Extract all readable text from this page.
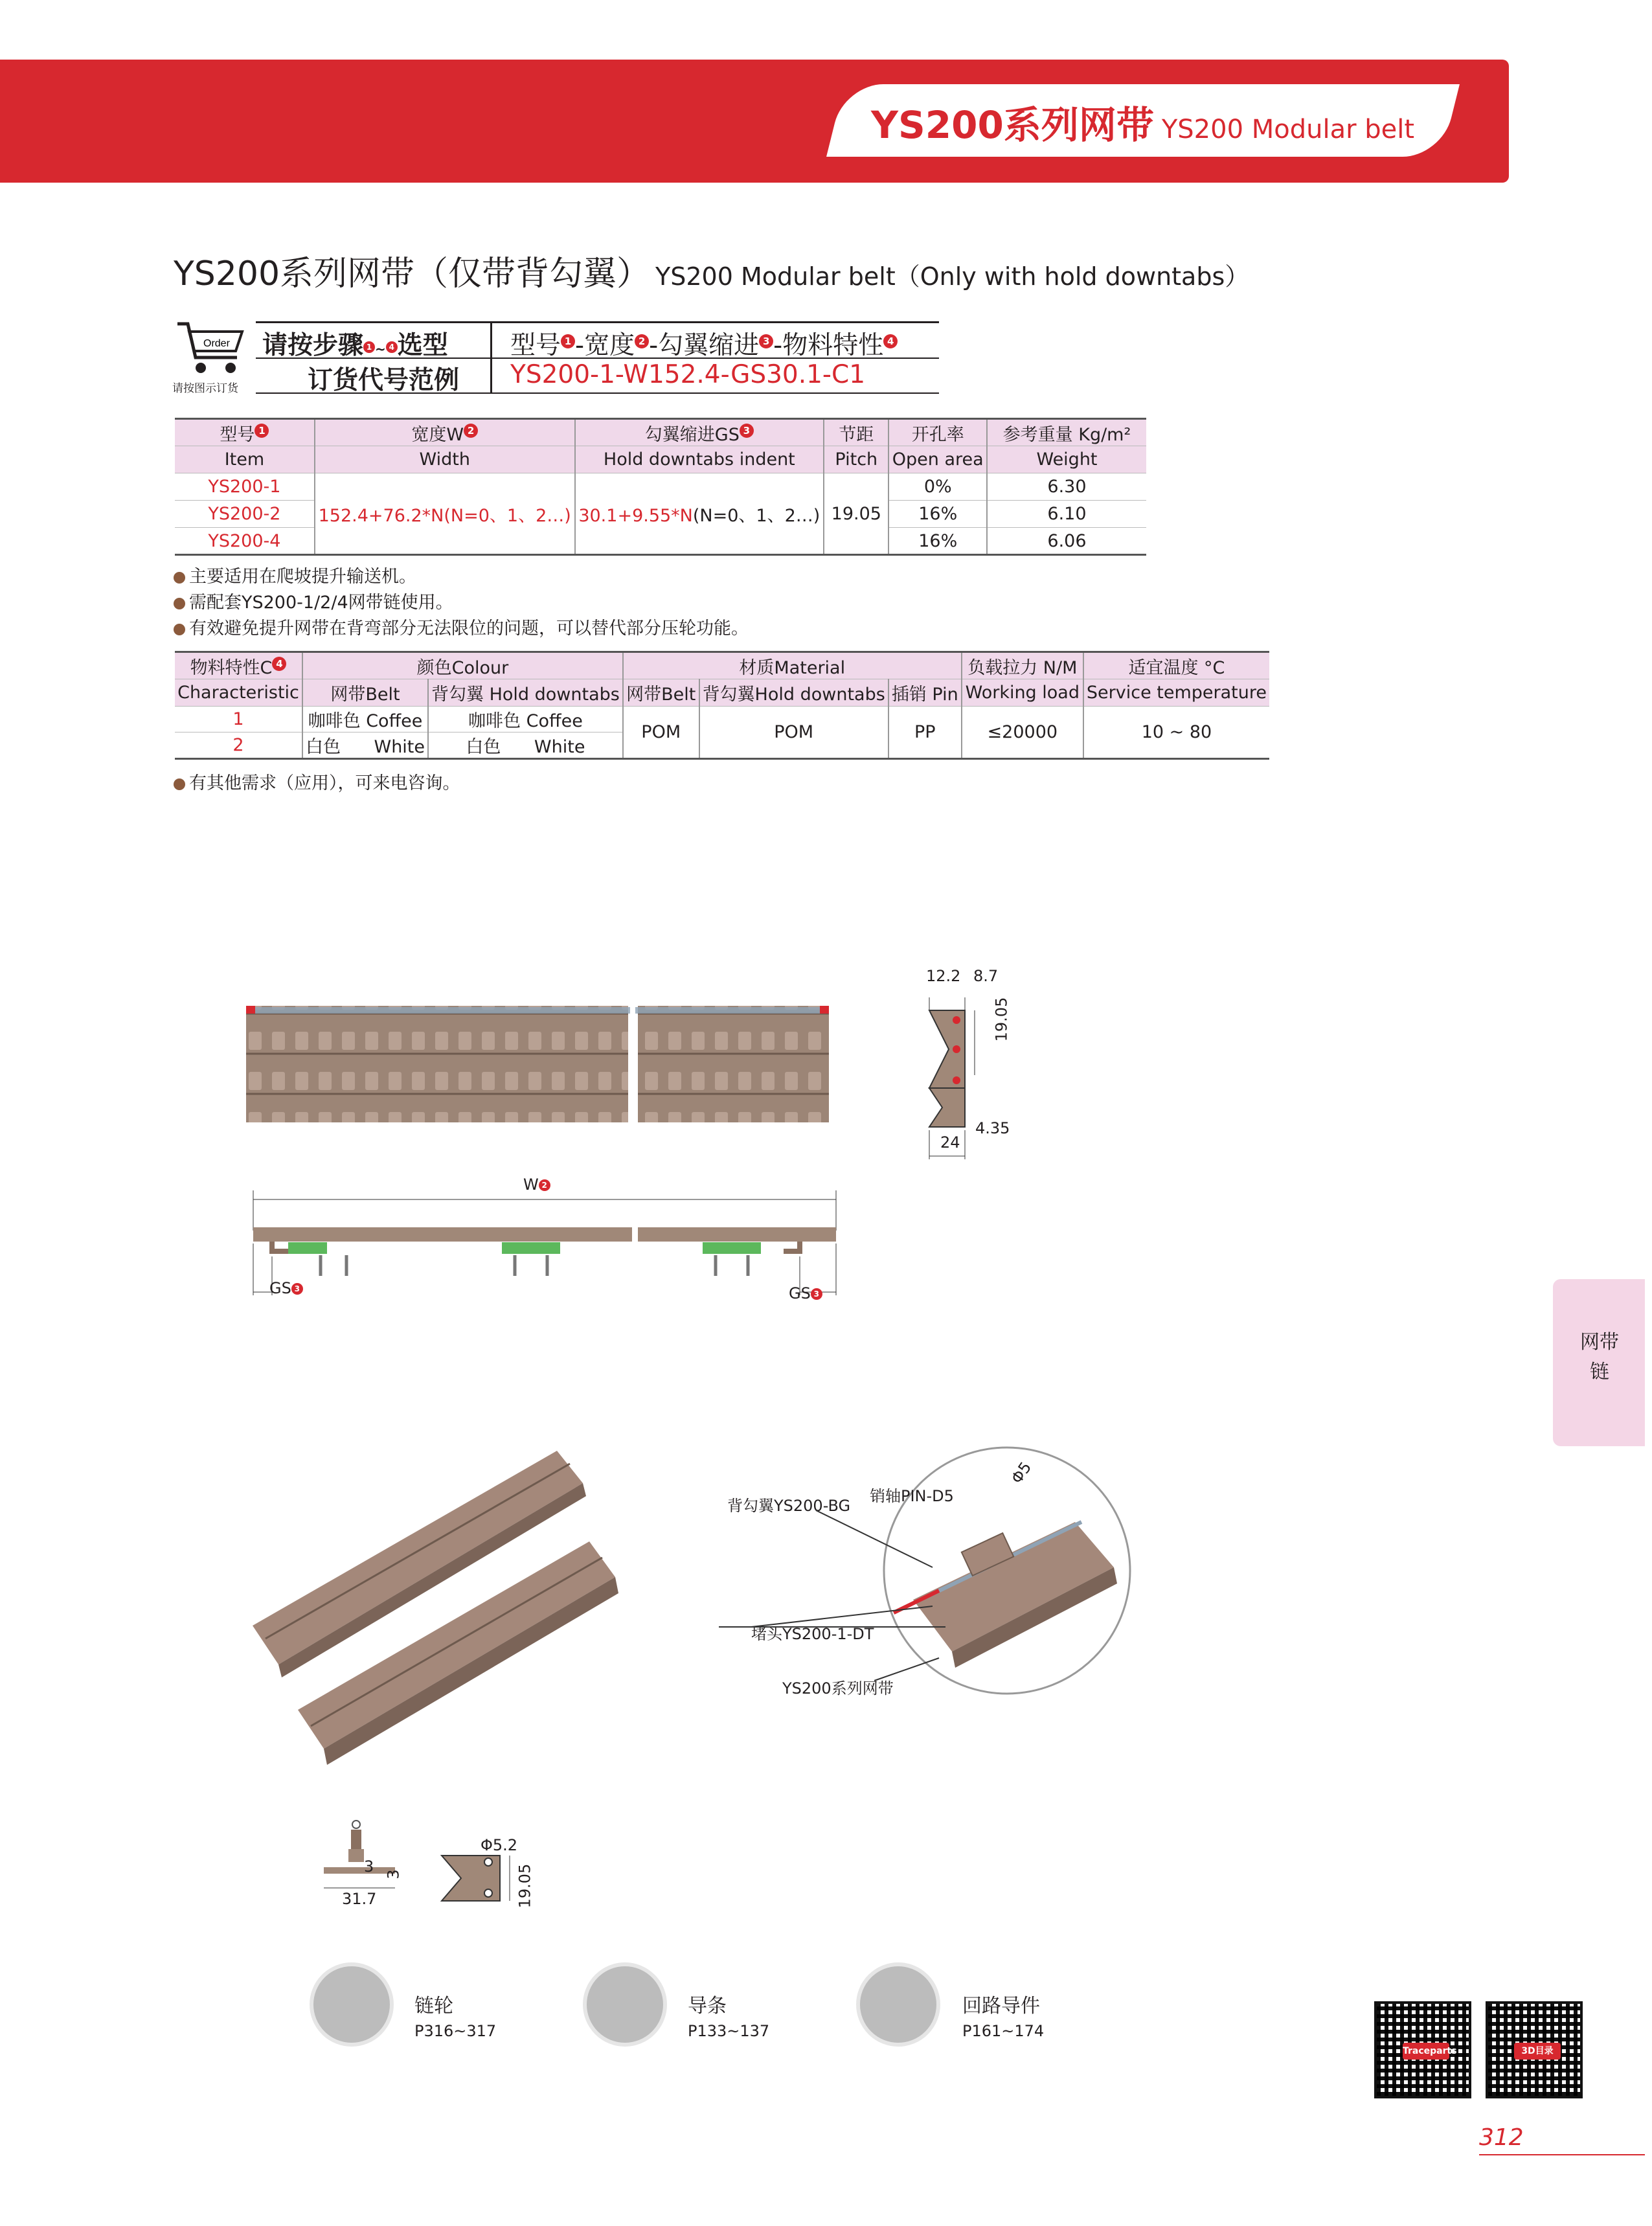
YS200系列网带 YS200 Modular belt
YS200系列网带（仅带背勾翼） YS200 Modular belt（Only with hold downtabs）
Order
请按图示订货
请按步骤 1 ~ 4 选型 型号 1 -宽度 2 -勾翼缩进 3 -物料特性 4
订货代号范例 YS200-1-W152.4-GS30.1-C1
型号 1	宽度W 2	勾翼缩进GS 3	节距	开孔率	参考重量 Kg/m²
Item	Width	Hold downtabs indent	Pitch	Open area	Weight
YS200-1	152.4+76.2*N(N=0、1、2…)	30.1+9.55*N(N=0、1、2…)	19.05	0%	6.30
YS200-2				16%	6.10
YS200-4				16%	6.06
主要适用在爬坡提升输送机。
需配套YS200-1/2/4网带链使用。
有效避免提升网带在背弯部分无法限位的问题，可以替代部分压轮功能。
物料特性C 4	颜色Colour		材质Material			负载拉力 N/M	适宜温度 °C
Characteristic	网带Belt	背勾翼 Hold downtabs	网带Belt	背勾翼Hold downtabs	插销 Pin	Working load	Service temperature
1	咖啡色 Coffee	咖啡色 Coffee	POM	POM	PP	≤20000	10 ~ 80
2	白色 White	白色 White					
有其他需求（应用），可来电咨询。
12.2 8.7
19.05
4.35
24
W 2
GS 3	GS 3
背勾翼YS200-BG
销轴PIN-D5
堵头YS200-1-DT
YS200系列网带
Φ5
3 3
31.7
Φ5.2
19.05
链轮
P316~317
导条
P133~137
回路导件
P161~174
网带链
Traceparts	3D目录
312
